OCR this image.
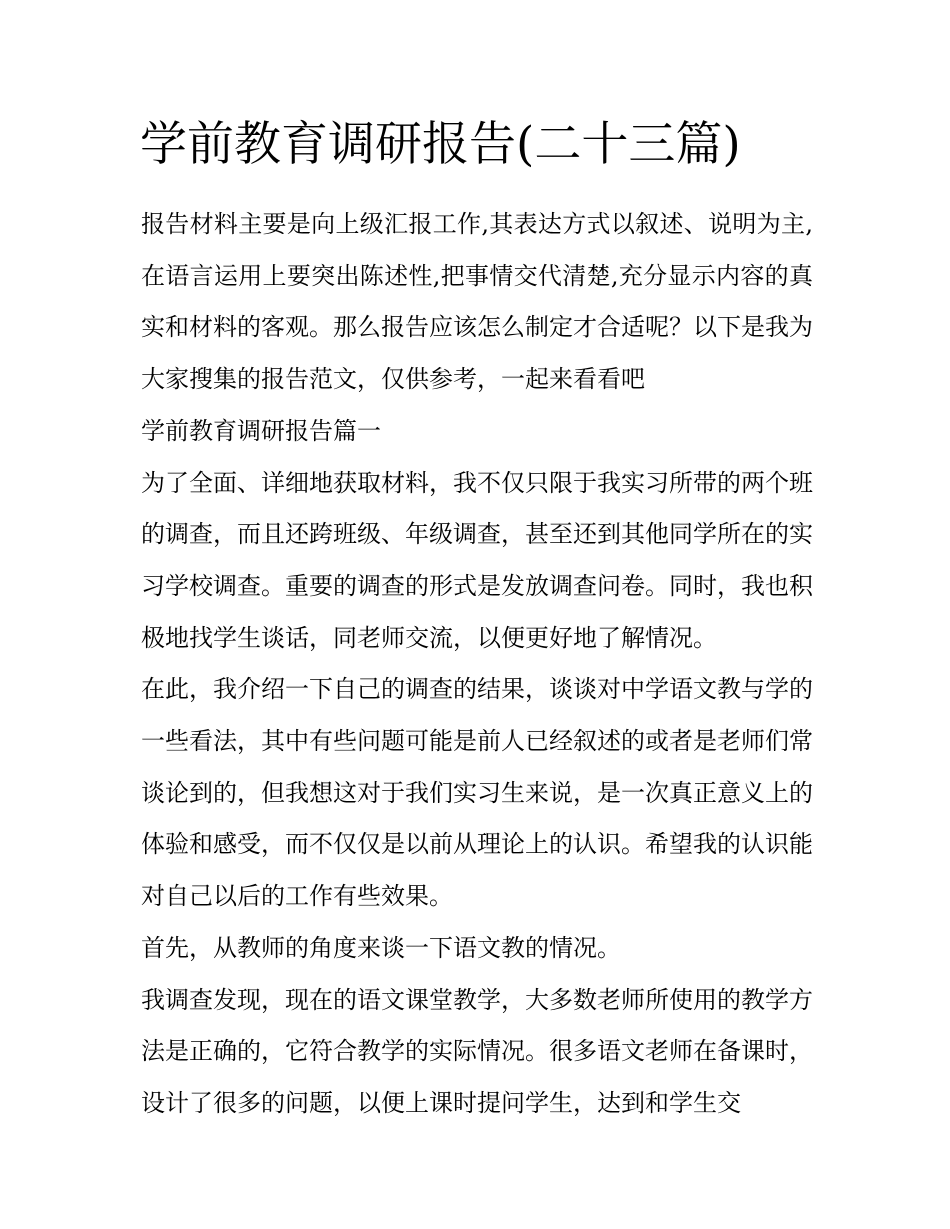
学前教育调研报告(二十三篇)

报告材料主要是向上级汇报工作,其表达方式以叙述、说明为主,在语言运用上要突出陈述性,把事情交代清楚,充分显示内容的真实和材料的客观。那么报告应该怎么制定才合适呢？以下是我为大家搜集的报告范文，仅供参考，一起来看看吧

学前教育调研报告篇一

为了全面、详细地获取材料，我不仅只限于我实习所带的两个班的调查，而且还跨班级、年级调查，甚至还到其他同学所在的实习学校调查。重要的调查的形式是发放调查问卷。同时，我也积极地找学生谈话，同老师交流，以便更好地了解情况。

在此，我介绍一下自己的调查的结果，谈谈对中学语文教与学的一些看法，其中有些问题可能是前人已经叙述的或者是老师们常谈论到的，但我想这对于我们实习生来说，是一次真正意义上的体验和感受，而不仅仅是以前从理论上的认识。希望我的认识能对自己以后的工作有些效果。

首先，从教师的角度来谈一下语文教的情况。

我调查发现，现在的语文课堂教学，大多数老师所使用的教学方法是正确的，它符合教学的实际情况。很多语文老师在备课时，设计了很多的问题，以便上课时提问学生，达到和学生交
